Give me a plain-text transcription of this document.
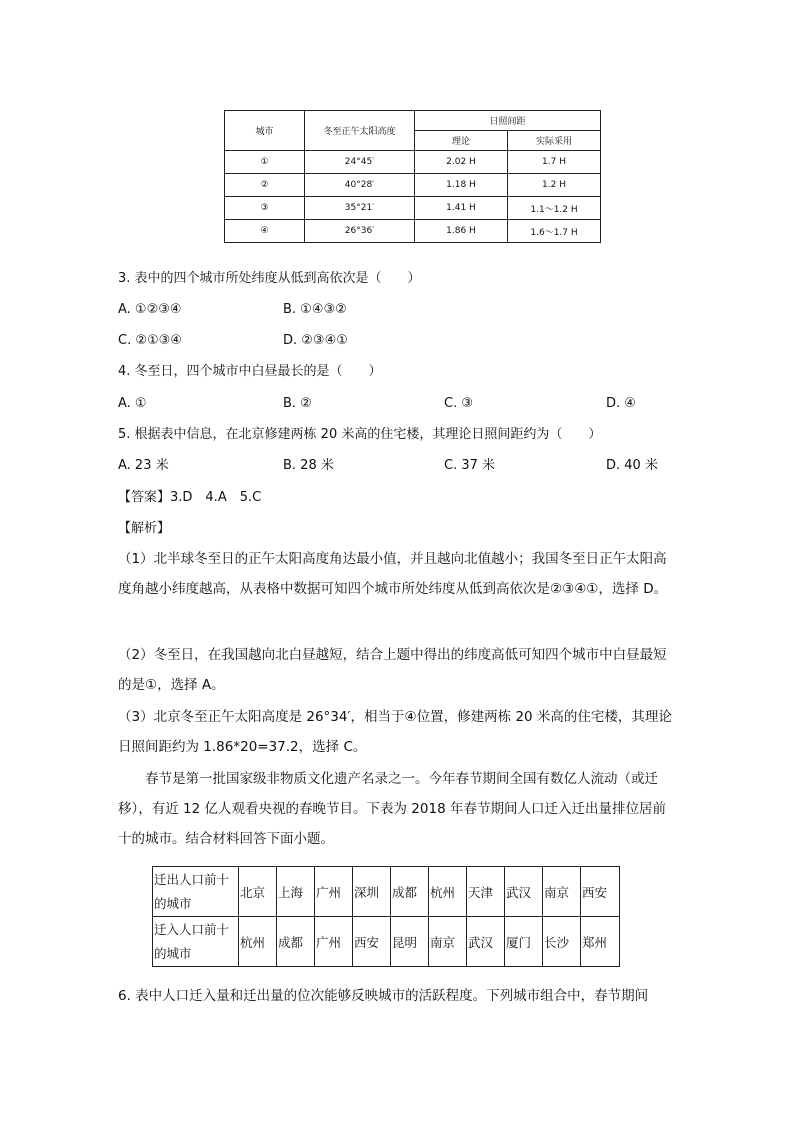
城市	冬至正午太阳高度	日照间距	
		理论	实际采用
①	24°45′	2.02 H	1.7 H
②	40°28′	1.18 H	1.2 H
③	35°21′	1.41 H	1.1～1.2 H
④	26°36′	1.86 H	1.6～1.7 H
3. 表中的四个城市所处纬度从低到高依次是（　　）
A. ①②③④	B. ①④③②
C. ②①③④	D. ②③④①
4. 冬至日，四个城市中白昼最长的是（　　）
A. ①	B. ②	C. ③	D. ④
5. 根据表中信息，在北京修建两栋 20 米高的住宅楼，其理论日照间距约为（　　）
A. 23 米	B. 28 米	C. 37 米	D. 40 米
【答案】3.D　4.A　5.C
【解析】
（1）北半球冬至日的正午太阳高度角达最小值，并且越向北值越小；我国冬至日正午太阳高度角越小纬度越高，从表格中数据可知四个城市所处纬度从低到高依次是②③④①，选择 D。
（2）冬至日，在我国越向北白昼越短，结合上题中得出的纬度高低可知四个城市中白昼最短的是①，选择 A。
（3）北京冬至正午太阳高度是 26°34′，相当于④位置，修建两栋 20 米高的住宅楼，其理论日照间距约为 1.86*20=37.2，选择 C。
春节是第一批国家级非物质文化遗产名录之一。今年春节期间全国有数亿人流动（或迁移），有近 12 亿人观看央视的春晚节目。下表为 2018 年春节期间人口迁入迁出量排位居前十的城市。结合材料回答下面小题。
迁出人口前十的城市	北京	上海	广州	深圳	成都	杭州	天津	武汉	南京	西安
迁入人口前十的城市	杭州	成都	广州	西安	昆明	南京	武汉	厦门	长沙	郑州
6. 表中人口迁入量和迁出量的位次能够反映城市的活跃程度。下列城市组合中，春节期间
